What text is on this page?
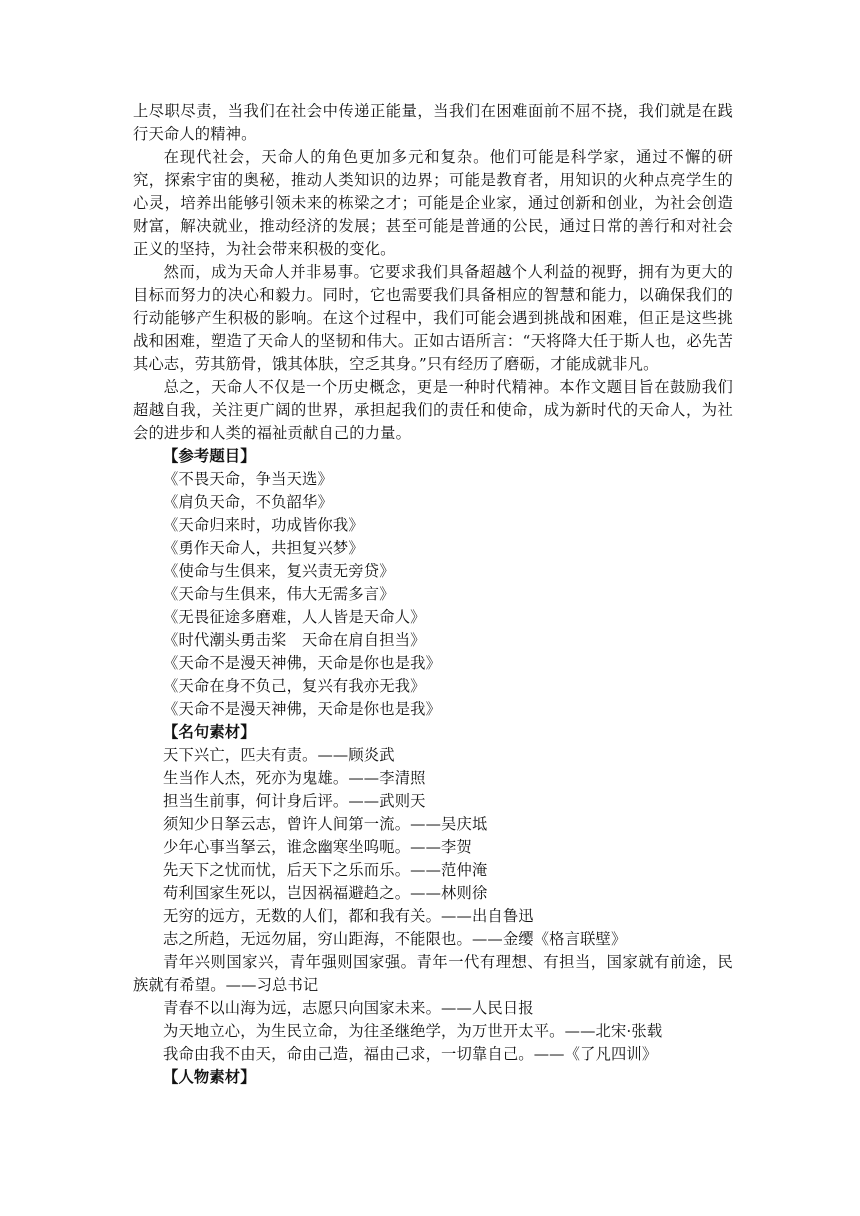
上尽职尽责，当我们在社会中传递正能量，当我们在困难面前不屈不挠，我们就是在践行天命人的精神。

在现代社会，天命人的角色更加多元和复杂。他们可能是科学家，通过不懈的研究，探索宇宙的奥秘，推动人类知识的边界；可能是教育者，用知识的火种点亮学生的心灵，培养出能够引领未来的栋梁之才；可能是企业家，通过创新和创业，为社会创造财富，解决就业，推动经济的发展；甚至可能是普通的公民，通过日常的善行和对社会正义的坚持，为社会带来积极的变化。

然而，成为天命人并非易事。它要求我们具备超越个人利益的视野，拥有为更大的目标而努力的决心和毅力。同时，它也需要我们具备相应的智慧和能力，以确保我们的行动能够产生积极的影响。在这个过程中，我们可能会遇到挑战和困难，但正是这些挑战和困难，塑造了天命人的坚韧和伟大。正如古语所言：“天将降大任于斯人也，必先苦其心志，劳其筋骨，饿其体肤，空乏其身。”只有经历了磨砺，才能成就非凡。

总之，天命人不仅是一个历史概念，更是一种时代精神。本作文题目旨在鼓励我们超越自我，关注更广阔的世界，承担起我们的责任和使命，成为新时代的天命人，为社会的进步和人类的福祉贡献自己的力量。

【参考题目】

《不畏天命，争当天选》

《肩负天命，不负韶华》

《天命归来时，功成皆你我》

《勇作天命人，共担复兴梦》

《使命与生俱来，复兴责无旁贷》

《天命与生俱来，伟大无需多言》

《无畏征途多磨难，人人皆是天命人》

《时代潮头勇击桨　天命在肩自担当》

《天命不是漫天神佛，天命是你也是我》

《天命在身不负己，复兴有我亦无我》

《天命不是漫天神佛，天命是你也是我》

【名句素材】

天下兴亡，匹夫有责。——顾炎武

生当作人杰，死亦为鬼雄。——李清照

担当生前事，何计身后评。——武则天

须知少日拏云志，曾许人间第一流。——吴庆坻

少年心事当拏云，谁念幽寒坐呜呃。——李贺

先天下之忧而忧，后天下之乐而乐。——范仲淹

苟利国家生死以，岂因祸福避趋之。——林则徐

无穷的远方，无数的人们，都和我有关。——出自鲁迅

志之所趋，无远勿届，穷山距海，不能限也。——金缨《格言联壁》

青年兴则国家兴，青年强则国家强。青年一代有理想、有担当，国家就有前途，民族就有希望。——习总书记

青春不以山海为远，志愿只向国家未来。——人民日报

为天地立心，为生民立命，为往圣继绝学，为万世开太平。——北宋·张载

我命由我不由天，命由己造，福由己求，一切靠自己。——《了凡四训》

【人物素材】
